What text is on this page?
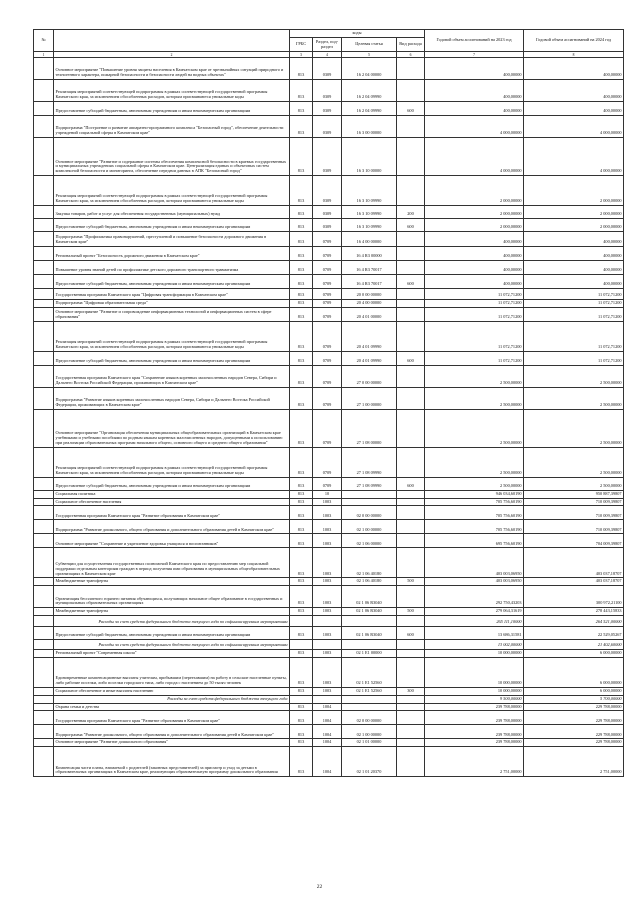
№		коды				Годовой объем ассигнований на 2023 год	Годовой объем ассигнований на 2024 год
		ГРБС	Раздел, под-раздел	Целевая статья	Вид расхода		
1	2	3	4	5	6	7	8
	Основное мероприятие "Повышение уровня защиты населения в Камчатском крае от чрезвычайных ситуаций природного и техногенного характера, пожарной безопасности и безопасности людей на водных объектах"	813	0309	16 2 04 00000		400,00000	400,00000
	Реализация мероприятий соответствующей подпрограммы в рамках соответствующей государственной программы Камчатского края, за исключением обособленных расходов, которым присваиваются уникальные коды	813	0309	16 2 04 09990		400,00000	400,00000
	Предоставление субсидий бюджетным, автономным учреждениям и иным некоммерческим организациям	813	0309	16 2 04 09990	600	400,00000	400,00000
	Подпрограмма "Построение и развитие аппаратно-программного комплекса "Безопасный город", обеспечение деятельности учреждений социальной сферы в Камчатском крае"	813	0309	16 3 00 00000		4 000,00000	4 000,00000
	Основное мероприятие "Развитие и содержание системы обеспечения комплексной безопасности в краевых государственных и муниципальных учреждениях социальной сферы в Камчатском крае. Централизация единых и объектовых систем комплексной безопасности и мониторинга, обеспечение передачи данных в АПК "Безопасный город"	813	0309	16 3 10 00000		4 000,00000	4 000,00000
	Реализация мероприятий соответствующей подпрограммы в рамках соответствующей государственной программы Камчатского края, за исключением обособленных расходов, которым присваиваются уникальные коды	813	0309	16 3 10 09990		2 000,00000	2 000,00000
	Закупка товаров, работ и услуг для обеспечения государственных (муниципальных) нужд	813	0309	16 3 10 09990	200	2 000,00000	2 000,00000
	Предоставление субсидий бюджетным, автономным учреждениям и иным некоммерческим организациям	813	0309	16 3 10 09990	600	2 000,00000	2 000,00000
	Подпрограмма "Профилактика правонарушений, преступлений и повышение безопасности дорожного движения в Камчатском крае"	813	0709	16 4 00 00000		400,00000	400,00000
	Региональный проект "Безопасность дорожного движения в Камчатском крае"	813	0709	16 4 R3 00000		400,00000	400,00000
	Повышение уровня знаний детей по профилактике детского дорожного транспортного травматизма	813	0709	16 4 R3 70017		400,00000	400,00000
	Предоставление субсидий бюджетным, автономным учреждениям и иным некоммерческим организациям	813	0709	16 4 R3 70017	600	400,00000	400,00000
	Государственная программа Камчатского края "Цифровая трансформация в Камчатском крае"	813	0709	20 0 00 00000		11 072,71200	11 072,71200
	Подпрограмма "Цифровая образовательная среда"	813	0709	20 4 00 00000		11 072,71200	11 072,71200
	Основное мероприятие "Развитие и сопровождение информационных технологий и информационных систем в сфере образования"	813	0709	20 4 01 00000		11 072,71200	11 072,71200
	Реализация мероприятий соответствующей подпрограммы в рамках соответствующей государственной программы Камчатского края, за исключением обособленных расходов, которым присваиваются уникальные коды	813	0709	20 4 01 09990		11 072,71200	11 072,71200
	Предоставление субсидий бюджетным, автономным учреждениям и иным некоммерческим организациям	813	0709	20 4 01 09990	600	11 072,71200	11 072,71200
	Государственная программа Камчатского края "Сохранение языков коренных малочисленных народов Севера, Сибири и Дальнего Востока Российской Федерации, проживающих в Камчатском крае"	813	0709	27 0 00 00000		2 500,00000	2 500,00000
	Подпрограмма "Развитие языков коренных малочисленных народов Севера, Сибири и Дальнего Востока Российской Федерации, проживающих в Камчатском крае"	813	0709	27 1 00 00000		2 500,00000	2 500,00000
	Основное мероприятие "Организация обеспечения муниципальных общеобразовательных организаций в Камчатском крае учебниками и учебными пособиями по родным языкам коренных малочисленных народов, допущенными к использованию при реализации образовательных программ начального общего, основного общего и среднего общего образования"	813	0709	27 1 08 00000		2 500,00000	2 500,00000
	Реализация мероприятий соответствующей подпрограммы в рамках соответствующей государственной программы Камчатского края, за исключением обособленных расходов, которым присваиваются уникальные коды	813	0709	27 1 08 09990		2 500,00000	2 500,00000
	Предоставление субсидий бюджетным, автономным учреждениям и иным некоммерческим организациям	813	0709	27 1 08 09990	600	2 500,00000	2 500,00000
	Социальная политика	813	10			946 034,60190	950 887,39807
	Социальное обеспечение населения	813	1003			705 756,60190	710 009,39807
	Государственная программа Камчатского края "Развитие образования в Камчатском крае"	813	1003	02 0 00 00000		705 756,60190	710 009,39807
	Подпрограмма "Развитие дошкольного, общего образования и дополнительного образования детей в Камчатском крае"	813	1003	02 1 00 00000		705 756,60190	710 009,39807
	Основное мероприятие "Сохранение и укрепление здоровья учащихся и воспитанников"	813	1003	02 1 06 00000		695 756,60190	704 009,39807
	Субвенции для осуществления государственных полномочий Камчатского края по предоставлению мер социальной поддержки отдельным категориям граждан в период получения ими образования в муниципальных общеобразовательных организациях в Камчатском крае	813	1003	02 1 06 40180		403 003,06950	403 037,18707
	Межбюджетные трансферты	813	1003	02 1 06 40180	500	403 003,06950	403 037,18707
	Организация бесплатного горячего питания обучающихся, получающих начальное общее образование в государственных и муниципальных образовательных организациях	813	1003	02 1 06 R3040		292 750,43203	300 972,21100
	Межбюджетные трансферты	813	1003	02 1 06 R3040	500	279 064,31619	278 443,15833
	Расходы за счет средств федерального бюджета текущего года по софинансируемым мероприятиям					265 111,10000	264 521,00000
	Предоставление субсидий бюджетным, автономным учреждениям и иным некоммерческим организациям	813	1003	02 1 06 R3040	600	13 686,31581	22 529,05267
	Расходы за счет средств федерального бюджета текущего года по софинансируемым мероприятиям					13 002,00000	21 402,60000
	Региональный проект "Современная школа"	813	1003	02 1 E1 00000		10 000,00000	6 000,00000
	Единовременные компенсационные выплаты учителям, прибывшим (переехавшим) на работу в сельские населенные пункты, либо рабочие поселки, либо поселки городского типа, либо города с населением до 50 тысяч человек	813	1003	02 1 E1 52560		10 000,00000	6 000,00000
	Социальное обеспечение и иные выплаты населению	813	1003	02 1 E1 52560	300	10 000,00000	6 000,00000
	Расходы за счет средств федерального бюджета текущего года					9 500,00000	5 700,00000
	Охрана семьи и детства	813	1004			239 788,00000	229 788,00000
	Государственная программа Камчатского края "Развитие образования в Камчатском крае"	813	1004	02 0 00 00000		239 788,00000	229 788,00000
	Подпрограмма "Развитие дошкольного, общего образования и дополнительного образования детей в Камчатском крае"	813	1004	02 1 00 00000		239 788,00000	229 788,00000
	Основное мероприятие "Развитие дошкольного образования"	813	1004	02 1 01 00000		239 788,00000	229 788,00000
	Компенсация части платы, взимаемой с родителей (законных представителей) за присмотр и уход за детьми в образовательных организациях в Камчатском крае, реализующих образовательную программу дошкольного образования	813	1004	02 1 01 20370		2 751,00000	2 751,00000
22
